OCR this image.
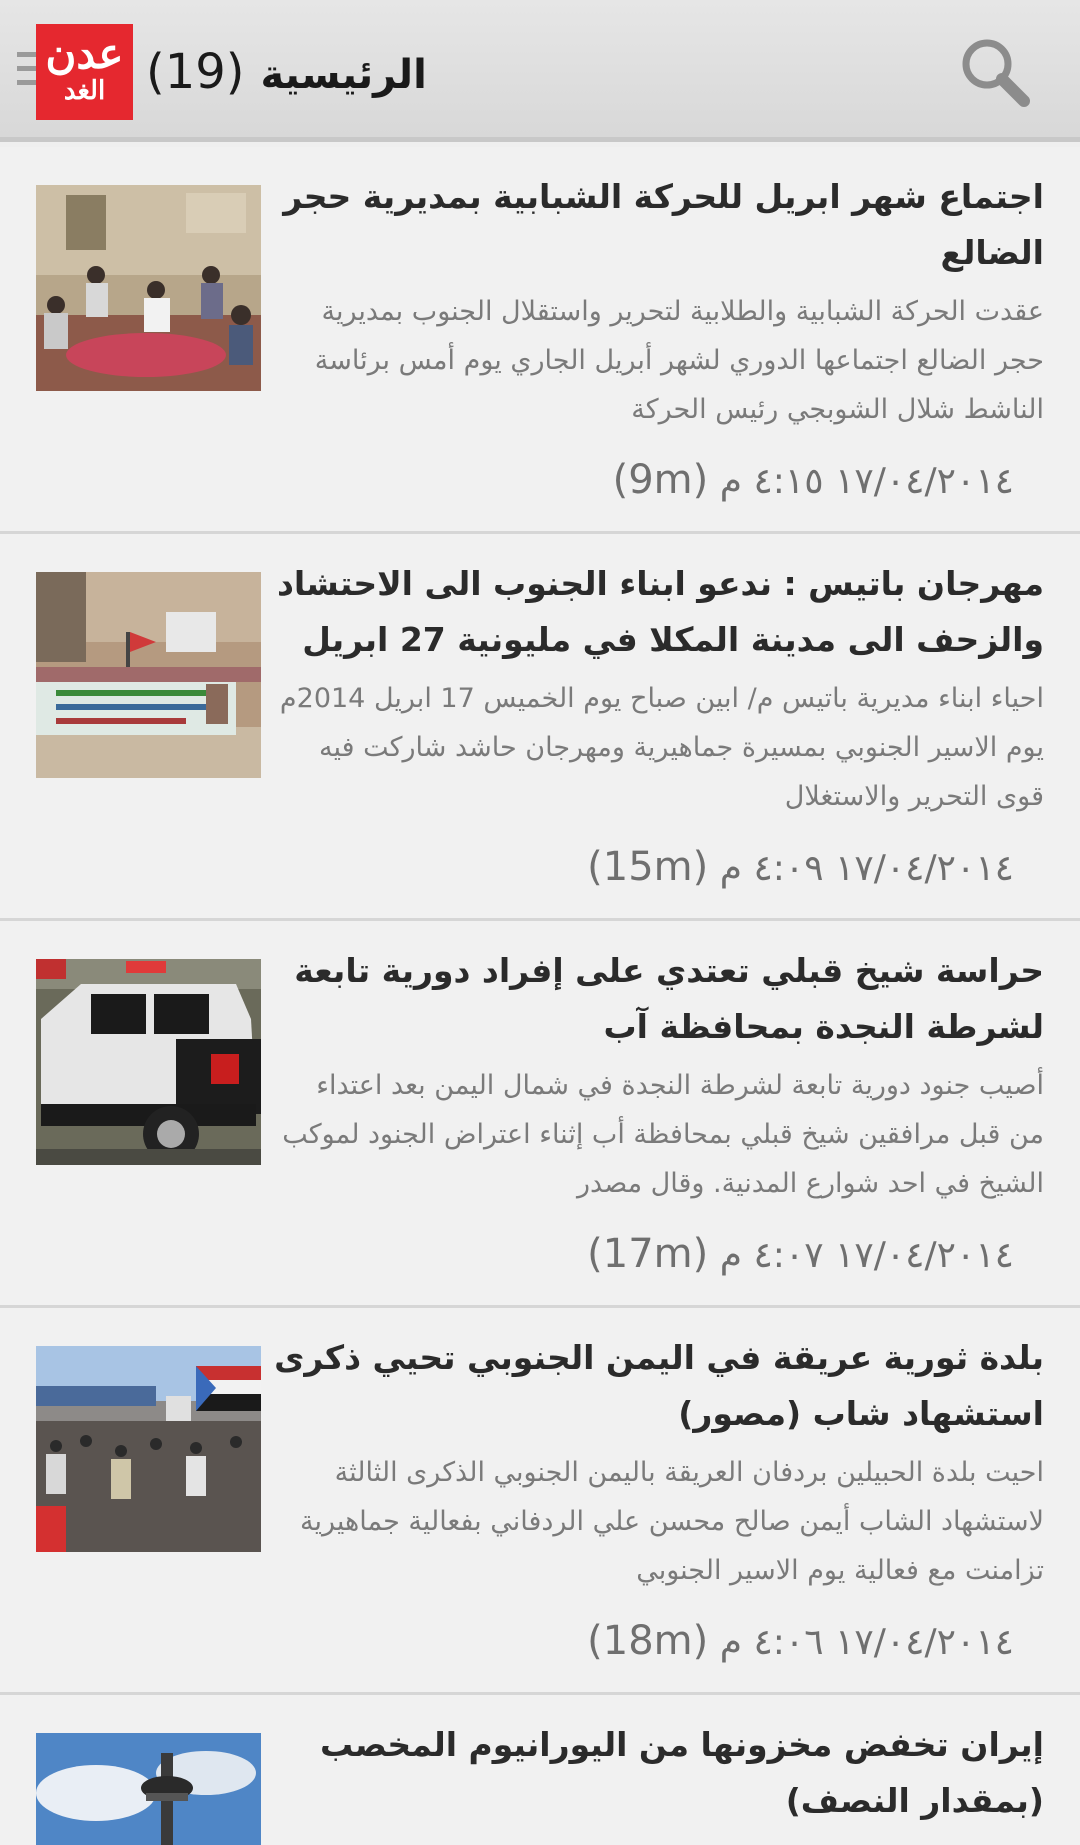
عدن
الغد (19) الرئيسية
اجتماع شهر ابريل للحركة الشبابية بمديرية حجر الضالع
عقدت الحركة الشبابية والطلابية لتحرير واستقلال الجنوب بمديرية حجر الضالع اجتماعها الدوري لشهر أبريل الجاري يوم أمس برئاسة الناشط شلال الشوبجي رئيس الحركة
١٧/٠٤/٢٠١٤ ٤:١٥ م (9m)
مهرجان باتيس : ندعو ابناء الجنوب الى الاحتشاد والزحف الى مدينة المكلا في مليونية 27 ابريل
احياء ابناء مديرية باتيس م/ ابين صباح يوم الخميس 17 ابريل 2014م يوم الاسير الجنوبي بمسيرة جماهيرية ومهرجان حاشد شاركت فيه قوى التحرير والاستغلال
١٧/٠٤/٢٠١٤ ٤:٠٩ م (15m)
حراسة شيخ قبلي تعتدي على إفراد دورية تابعة لشرطة النجدة بمحافظة آب
أصيب جنود دورية تابعة لشرطة النجدة في شمال اليمن بعد اعتداء من قبل مرافقين شيخ قبلي بمحافظة أب إثناء اعتراض الجنود لموكب الشيخ في احد شوارع المدنية. وقال مصدر
١٧/٠٤/٢٠١٤ ٤:٠٧ م (17m)
بلدة ثورية عريقة في اليمن الجنوبي تحيي ذكرى استشهاد شاب (مصور)
احيت بلدة الحبيلين بردفان العريقة باليمن الجنوبي الذكرى الثالثة لاستشهاد الشاب أيمن صالح محسن علي الردفاني بفعالية جماهيرية تزامنت مع فعالية يوم الاسير الجنوبي
١٧/٠٤/٢٠١٤ ٤:٠٦ م (18m)
إيران تخفض مخزونها من اليورانيوم المخصب (بمقدار النصف)
